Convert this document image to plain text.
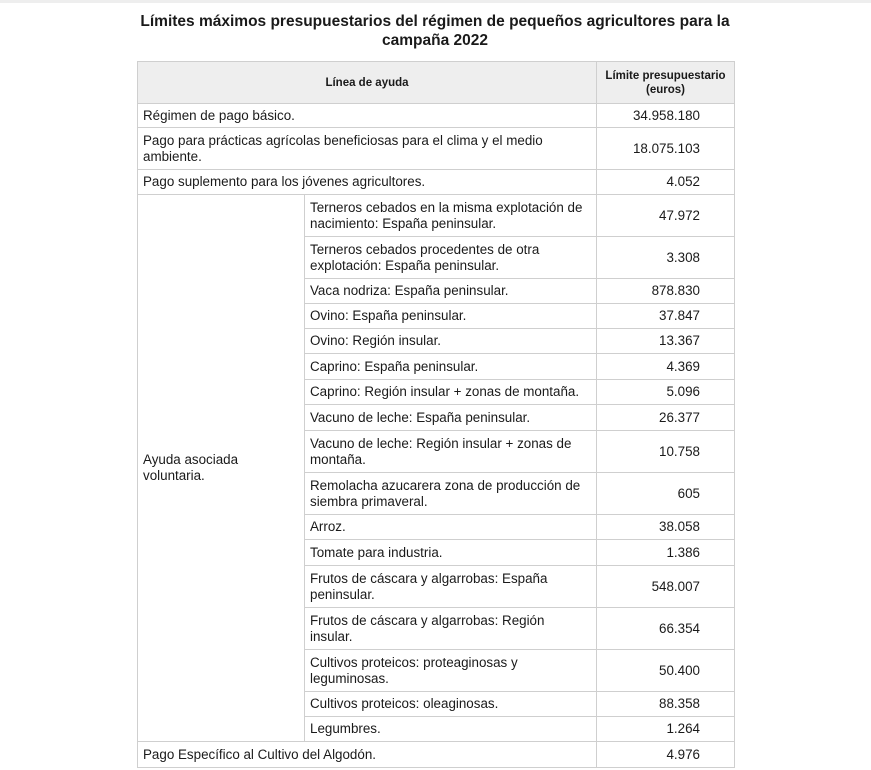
Límites máximos presupuestarios del régimen de pequeños agricultores para la campaña 2022
Línea de ayuda		Límite presupuestario (euros)
Régimen de pago básico.		34.958.180
Pago para prácticas agrícolas beneficiosas para el clima y el medio ambiente.		18.075.103
Pago suplemento para los jóvenes agricultores.		4.052
Ayuda asociada voluntaria.	Terneros cebados en la misma explotación de nacimiento: España peninsular.	47.972
	Terneros cebados procedentes de otra explotación: España peninsular.	3.308
	Vaca nodriza: España peninsular.	878.830
	Ovino: España peninsular.	37.847
	Ovino: Región insular.	13.367
	Caprino: España peninsular.	4.369
	Caprino: Región insular + zonas de montaña.	5.096
	Vacuno de leche: España peninsular.	26.377
	Vacuno de leche: Región insular + zonas de montaña.	10.758
	Remolacha azucarera zona de producción de siembra primaveral.	605
	Arroz.	38.058
	Tomate para industria.	1.386
	Frutos de cáscara y algarrobas: España peninsular.	548.007
	Frutos de cáscara y algarrobas: Región insular.	66.354
	Cultivos proteicos: proteaginosas y leguminosas.	50.400
	Cultivos proteicos: oleaginosas.	88.358
	Legumbres.	1.264
Pago Específico al Cultivo del Algodón.		4.976
